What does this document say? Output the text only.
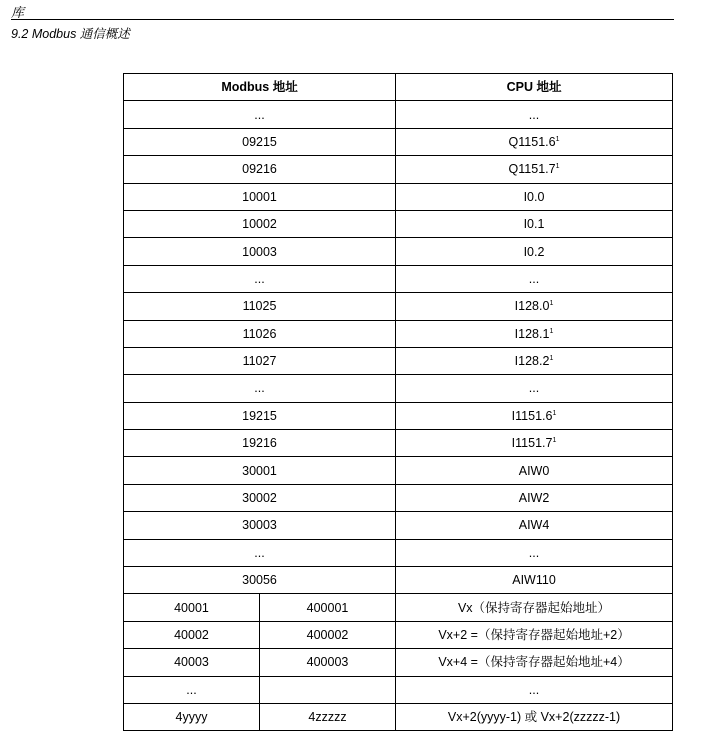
库
9.2 Modbus 通信概述
Modbus 地址		CPU 地址
...		...
09215		Q1151.6$^1$
09216		Q1151.7$^1$
10001		I0.0
10002		I0.1
10003		I0.2
...		...
11025		I128.0$^1$
11026		I128.1$^1$
11027		I128.2$^1$
...		...
19215		I1151.6$^1$
19216		I1151.7$^1$
30001		AIW0
30002		AIW2
30003		AIW4
...		...
30056		AIW110
40001	400001	Vx（保持寄存器起始地址）
40002	400002	Vx+2 =（保持寄存器起始地址+2）
40003	400003	Vx+4 =（保持寄存器起始地址+4）
...		...
4yyyy	4zzzzz	Vx+2(yyyy-1) 或 Vx+2(zzzzz-1)
